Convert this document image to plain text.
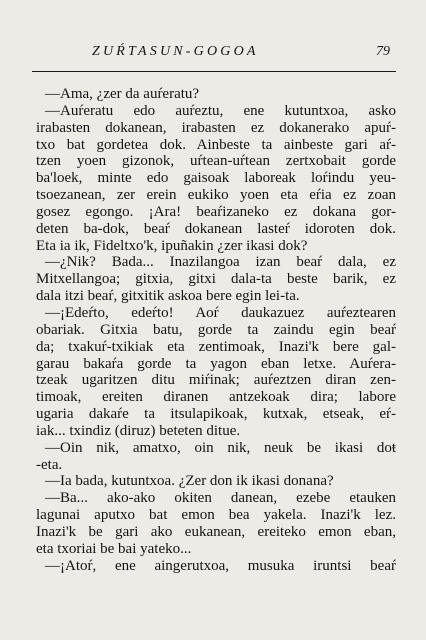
ZUŔTASUN-GOGOA	79
—Ama, ¿zer da auŕeratu?
—Auŕeratu edo auŕeztu, ene kutuntxoa, asko
irabasten dokanean, irabasten ez dokanerako apuŕ-
txo bat gordetea dok. Ainbeste ta ainbeste gari aŕ-
tzen yoen gizonok, uŕtean-uŕtean zertxobait gorde
ba'loek, minte edo gaisoak laboreak loŕindu yeu-
tsoezanean, zer erein eukiko yoen eta eŕia ez zoan
gosez egongo. ¡Ara! beaŕizaneko ez dokana gor-
deten ba-dok, beaŕ dokanean lasteŕ idoroten dok.
Eta ia ik, Fideltxo'k, ipuñakin ¿zer ikasi dok?
—¿Nik? Bada... Inazilangoa izan beaŕ dala, ez
Mitxellangoa; gitxia, gitxi dala-ta beste barik, ez
dala itzi beaŕ, gitxitik askoa bere egin lei-ta.
—¡Edeŕto, edeŕto! Aoŕ daukazuez auŕeztearen
obariak. Gitxia batu, gorde ta zaindu egin beaŕ
da; txakuŕ-txikiak eta zentimoak, Inazi'k bere gal-
garau bakaŕa gorde ta yagon eban letxe. Auŕera-
tzeak ugaritzen ditu miŕinak; auŕeztzen diran zen-
timoak, ereiten diranen antzekoak dira; labore
ugaria dakaŕe ta itsulapikoak, kutxak, etseak, eŕ-
iak... txindiz (diruz) beteten ditue.
—Oin nik, amatxo, oin nik, neuk be ikasi doŧ
-eta.
—Ia bada, kutuntxoa. ¿Zer don ik ikasi donana?
—Ba... ako-ako okiten danean, ezebe etauken
lagunai aputxo bat emon bea yakela. Inazi'k lez.
Inazi'k be gari ako eukanean, ereiteko emon eban,
eta txoriai be bai yateko...
—¡Atoŕ, ene aingerutxoa, musuka iruntsi beaŕ
